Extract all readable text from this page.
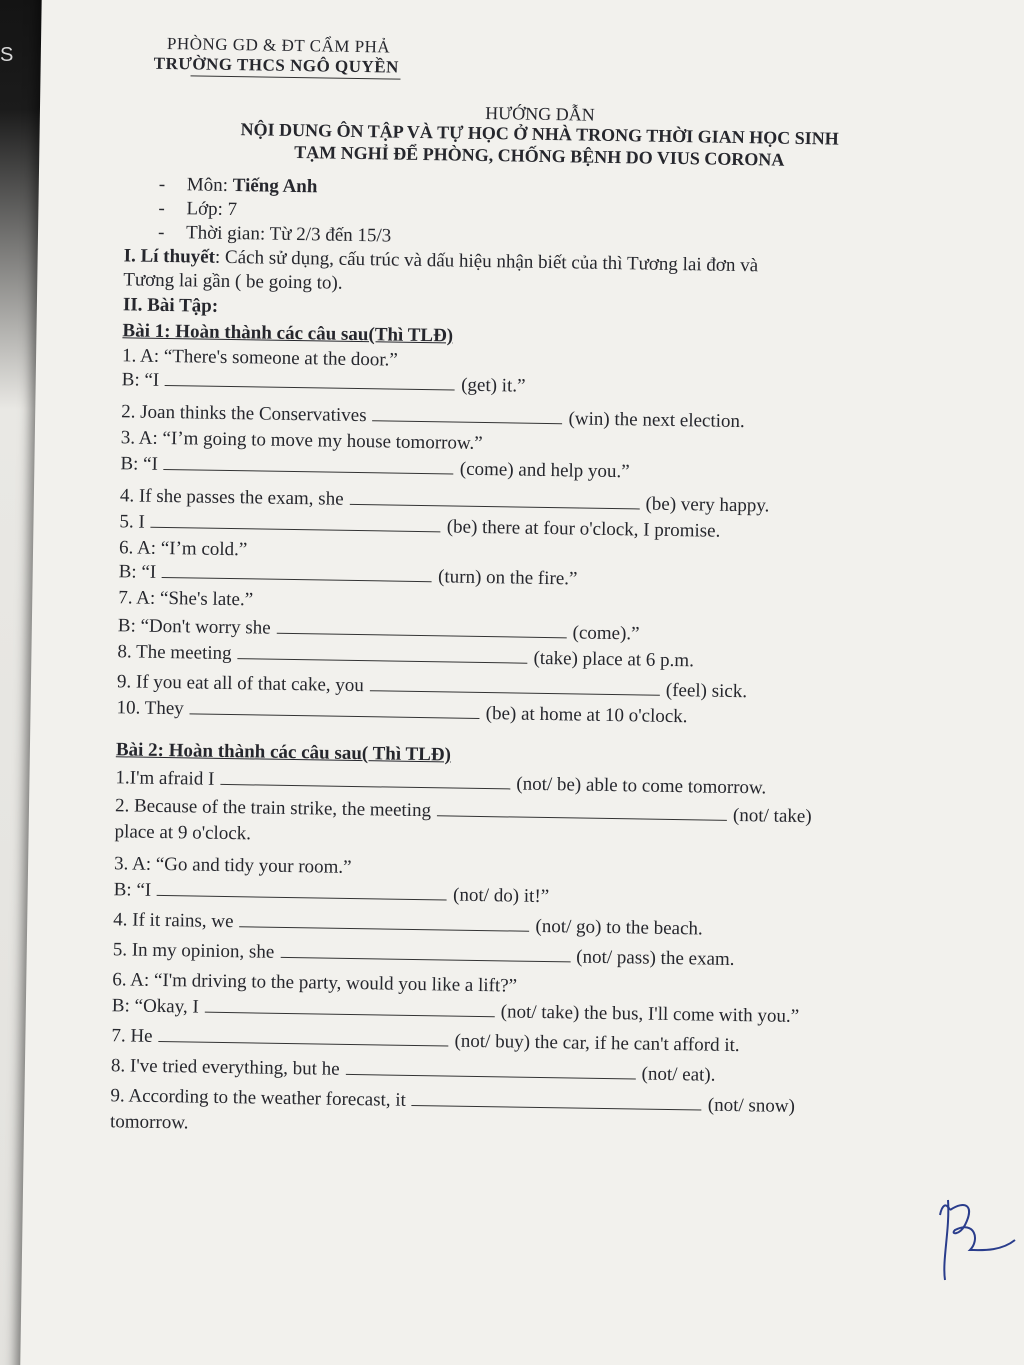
S	PHÒNG GD & ĐT CẨM PHẢ
TRƯỜNG THCS NGÔ QUYỀN
HƯỚNG DẪN
NỘI DUNG ÔN TẬP VÀ TỰ HỌC Ở NHÀ TRONG THỜI GIAN HỌC SINH
TẠM NGHỈ ĐỂ PHÒNG, CHỐNG BỆNH DO VIUS CORONA
- Môn: Tiếng Anh
- Lớp: 7
- Thời gian: Từ 2/3 đến 15/3
I. Lí thuyết: Cách sử dụng, cấu trúc và dấu hiệu nhận biết của thì Tương lai đơn và
Tương lai gần ( be going to).
II. Bài Tập:
Bài 1: Hoàn thành các câu sau(Thì TLĐ)
1. A: “There's someone at the door.”
B: “I	(get) it.”
2. Joan thinks the Conservatives	(win) the next election.
3. A: “I’m going to move my house tomorrow.”
B: “I	(come) and help you.”
4. If she passes the exam, she	(be) very happy.
5. I	(be) there at four o'clock, I promise.
6. A: “I’m cold.”
B: “I	(turn) on the fire.”
7. A: “She's late.”
B: “Don't worry she	(come).”
8. The meeting	(take) place at 6 p.m.
9. If you eat all of that cake, you	(feel) sick.
10. They	(be) at home at 10 o'clock.
Bài 2: Hoàn thành các câu sau( Thì TLĐ)
1.I'm afraid I	(not/ be) able to come tomorrow.
2. Because of the train strike, the meeting	(not/ take)
place at 9 o'clock.
3. A: “Go and tidy your room.”
B: “I	(not/ do) it!”
4. If it rains, we	(not/ go) to the beach.
5. In my opinion, she	(not/ pass) the exam.
6. A: “I'm driving to the party, would you like a lift?”
B: “Okay, I	(not/ take) the bus, I'll come with you.”
7. He	(not/ buy) the car, if he can't afford it.
8. I've tried everything, but he	(not/ eat).
9. According to the weather forecast, it	(not/ snow)
tomorrow.
